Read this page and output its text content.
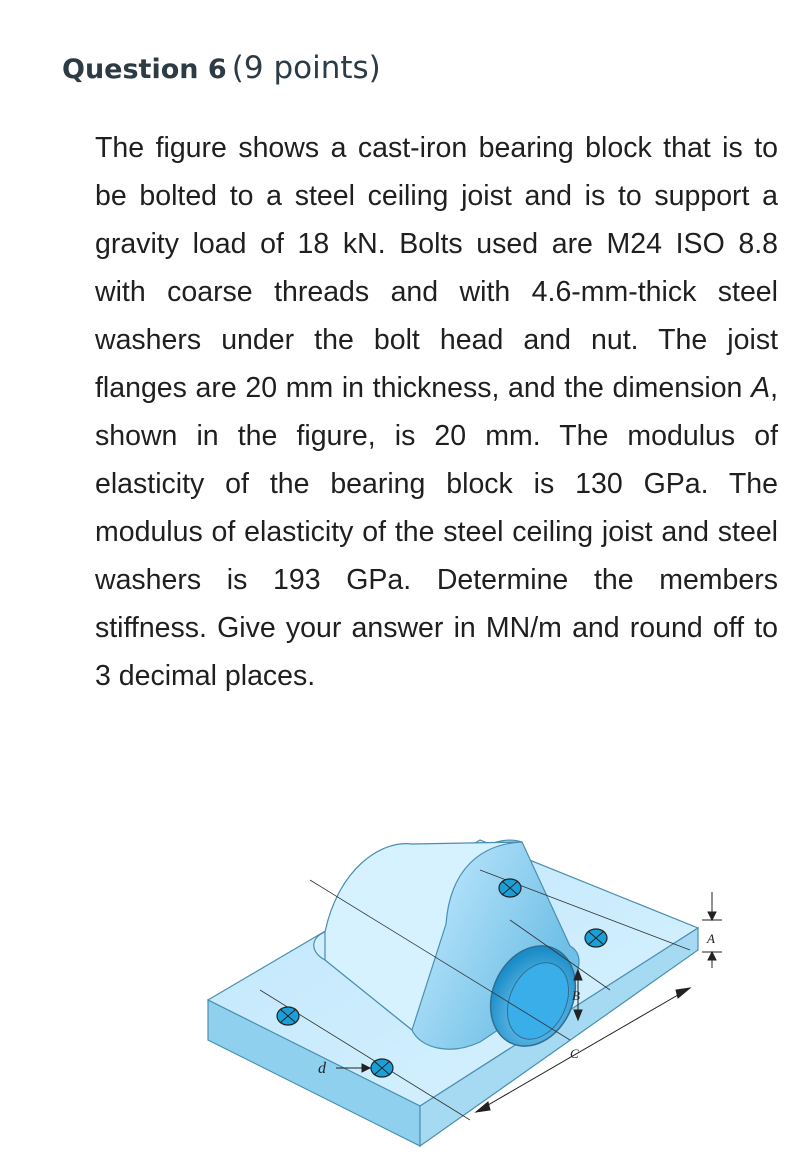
Question 6 (9 points)

The figure shows a cast-iron bearing block that is to be bolted to a steel ceiling joist and is to support a gravity load of 18 kN. Bolts used are M24 ISO 8.8 with coarse threads and with 4.6-mm-thick steel washers under the bolt head and nut. The joist flanges are 20 mm in thickness, and the dimension A, shown in the figure, is 20 mm. The modulus of elasticity of the bearing block is 130 GPa. The modulus of elasticity of the steel ceiling joist and steel washers is 193 GPa. Determine the members stiffness. Give your answer in MN/m and round off to 3 decimal places.

A
B
C
d
